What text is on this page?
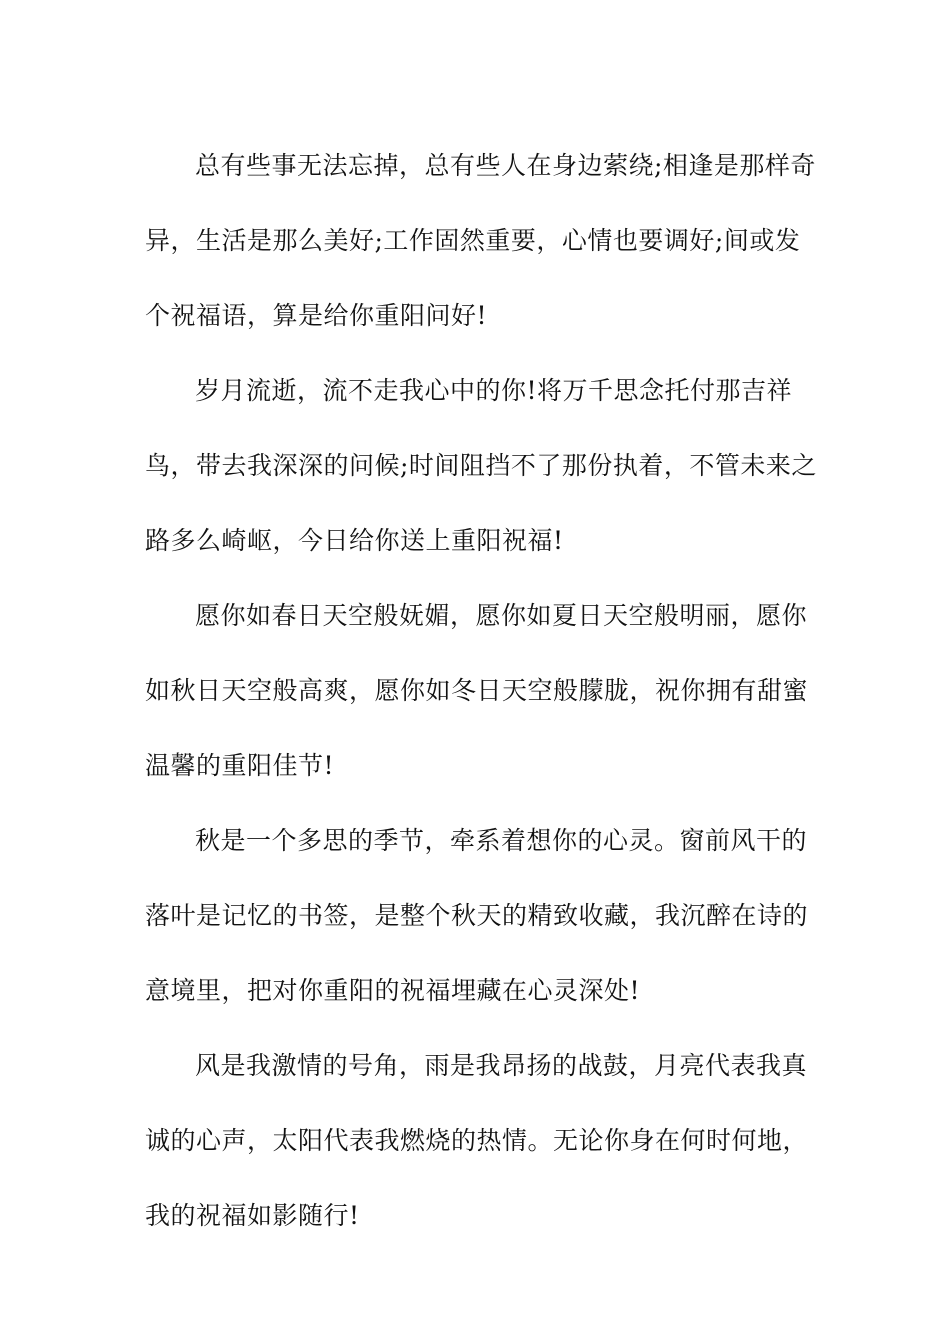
总有些事无法忘掉，总有些人在身边萦绕;相逢是那样奇异，生活是那么美好;工作固然重要，心情也要调好;间或发个祝福语，算是给你重阳问好!

岁月流逝，流不走我心中的你!将万千思念托付那吉祥鸟，带去我深深的问候;时间阻挡不了那份执着，不管未来之路多么崎岖，今日给你送上重阳祝福!

愿你如春日天空般妩媚，愿你如夏日天空般明丽，愿你如秋日天空般高爽，愿你如冬日天空般朦胧，祝你拥有甜蜜温馨的重阳佳节!

秋是一个多思的季节，牵系着想你的心灵。窗前风干的落叶是记忆的书签，是整个秋天的精致收藏，我沉醉在诗的意境里，把对你重阳的祝福埋藏在心灵深处!

风是我激情的号角，雨是我昂扬的战鼓，月亮代表我真诚的心声，太阳代表我燃烧的热情。无论你身在何时何地，我的祝福如影随行!
